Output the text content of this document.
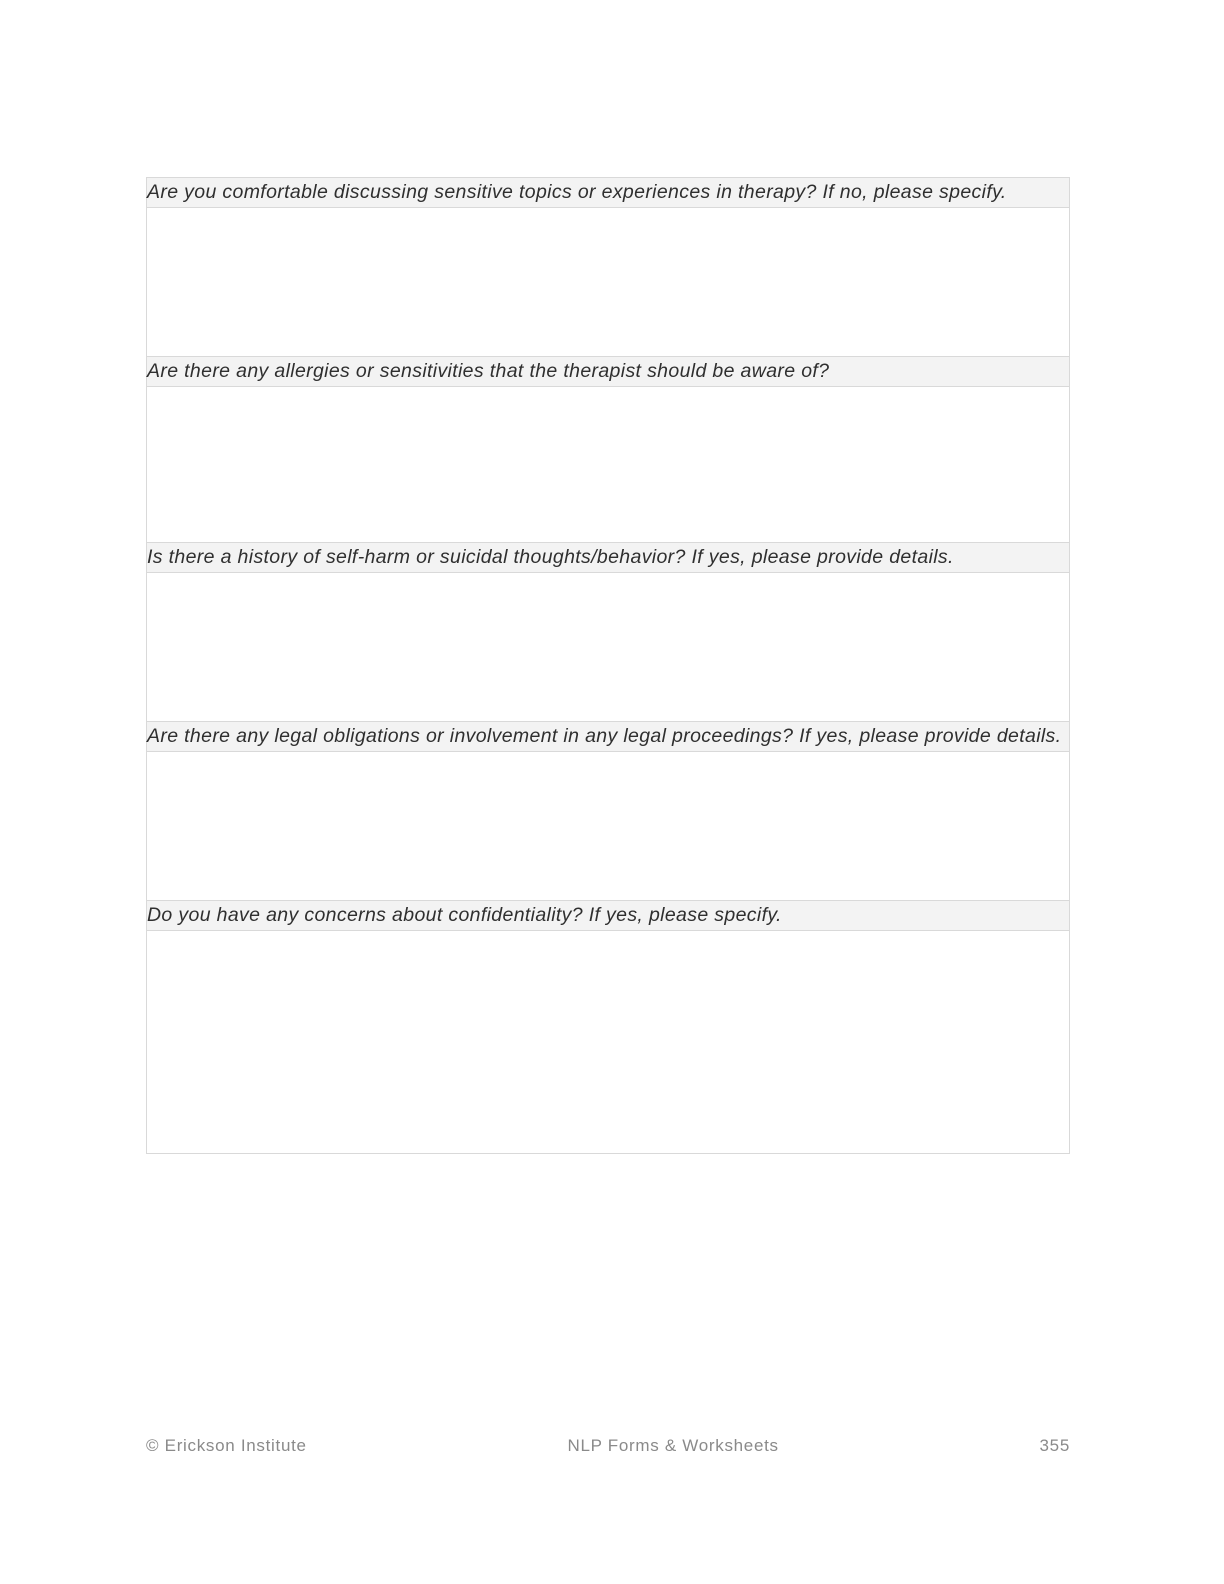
Are you comfortable discussing sensitive topics or experiences in therapy? If no, please specify.

Are there any allergies or sensitivities that the therapist should be aware of?

Is there a history of self-harm or suicidal thoughts/behavior? If yes, please provide details.

Are there any legal obligations or involvement in any legal proceedings? If yes, please provide details.

Do you have any concerns about confidentiality? If yes, please specify.

© Erickson Institute	NLP Forms & Worksheets	355
